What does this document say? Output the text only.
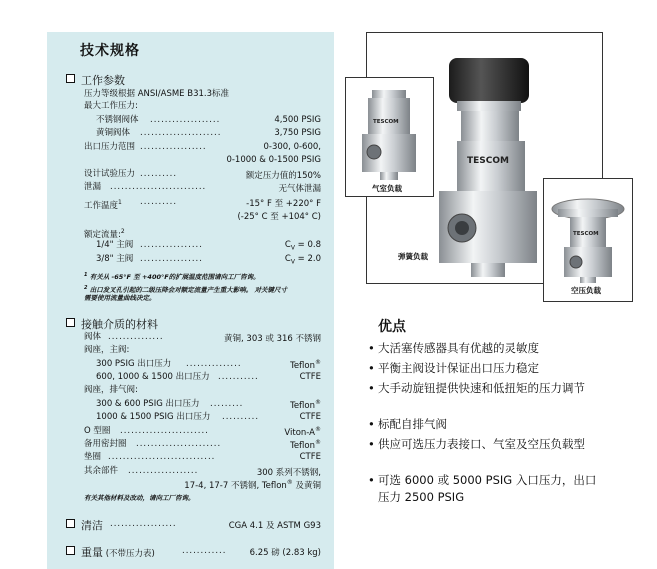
技术规格
工作参数
压力等级根据 ANSI/ASME B31.3标准
最大工作压力:
不锈钢阀体 ...................	4,500 PSIG
黄铜阀体 ......................	3,750 PSIG
出口压力范围 ..................	0-300, 0-600,
0-1000 & 0-1500 PSIG
设计试验压力 ..........	额定压力值的150%
泄漏 ..........................	无气体泄漏
工作温度$^1$ ..........	-15° F 至 +220° F
(-25° C 至 +104° C)
额定流量:$^2$
1/4" 主阀 .................	$C_V = 0.8$
3/8" 主阀 .................	$C_V = 2.0$
$^1$ 有关从 -65°F 至 +400°F的扩展温度范围请向工厂咨询。
$^2$ 出口发叉孔引起的二级压降会对额定流量产生重大影响。 对关键尺寸
需要使用流量曲线决定。
接触介质的材料
阀体 ...............	黄铜, 303 或 316 不锈钢
阀座，主阀:
300 PSIG 出口压力 ...............	Teflon®
600, 1000 & 1500 出口压力 ...........	CTFE
阀座，排气阀:
300 & 600 PSIG 出口压力 .........	Teflon®
1000 & 1500 PSIG 出口压力 ..........	CTFE
O 型圈 ........................	Viton-A®
备用密封圈 .......................	Teflon®
垫圈 .............................	CTFE
其余部件 ...................	300 系列不锈钢,
17-4, 17-7 不锈钢, Teflon® 及黄铜
有关其他材料及改动，请向工厂咨询。
清洁 ..................	CGA 4.1 及 ASTM G93
重量 (不带压力表)	............	6.25 磅 (2.83 kg)
TESCOM
弹簧负载
TESCOM
气室负载
TESCOM
空压负载
优点
• 大活塞传感器具有优越的灵敏度
• 平衡主阀设计保证出口压力稳定
• 大手动旋钮提供快速和低扭矩的压力调节
• 标配自排气阀
• 供应可选压力表接口、气室及空压负载型
• 可选 6000 或 5000 PSIG 入口压力，出口压力 2500 PSIG
